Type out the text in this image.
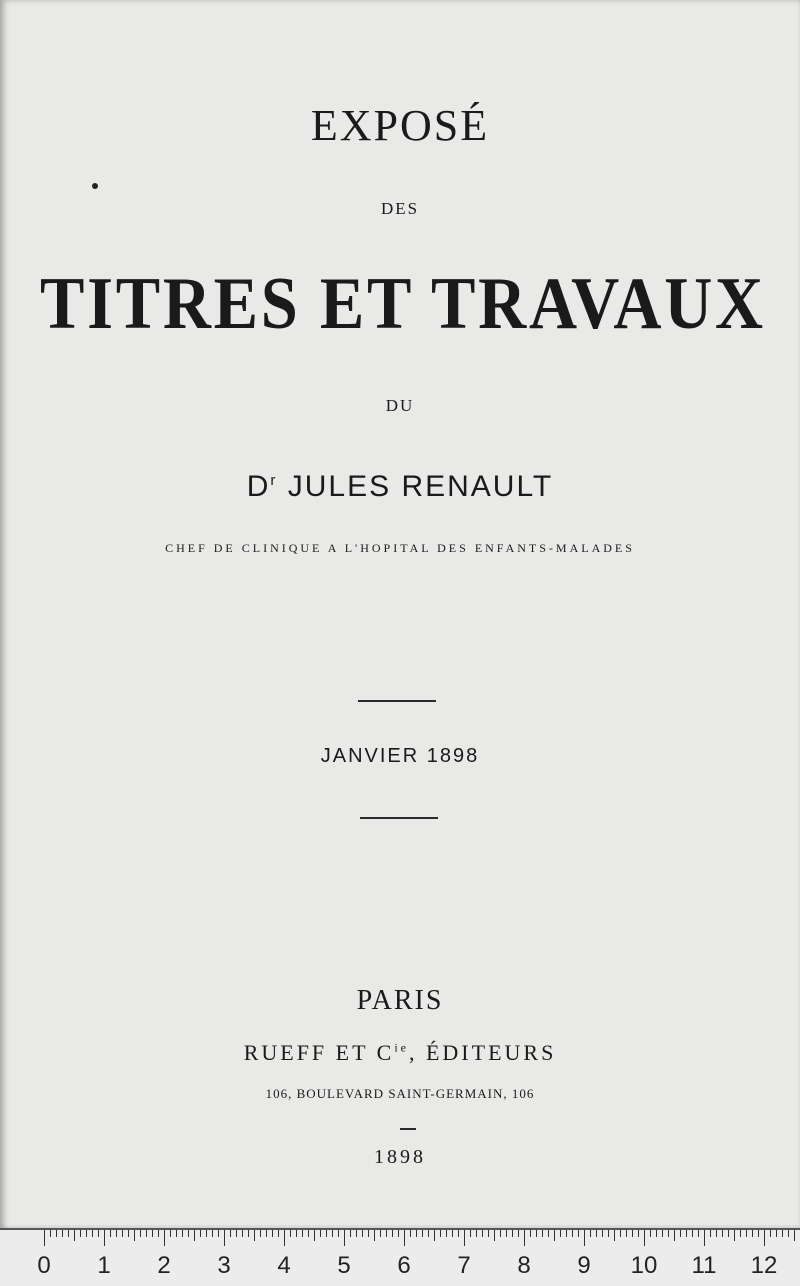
EXPOSÉ
DES
TITRES ET TRAVAUX
DU
$D^r$ JULES RENAULT
CHEF DE CLINIQUE A L'HOPITAL DES ENFANTS-MALADES
JANVIER 1898
PARIS
RUEFF ET $C^{ie}$, ÉDITEURS
106, BOULEVARD SAINT-GERMAIN, 106
1898
0 1 2 3 4 5 6 7 8 9 10 11 12
